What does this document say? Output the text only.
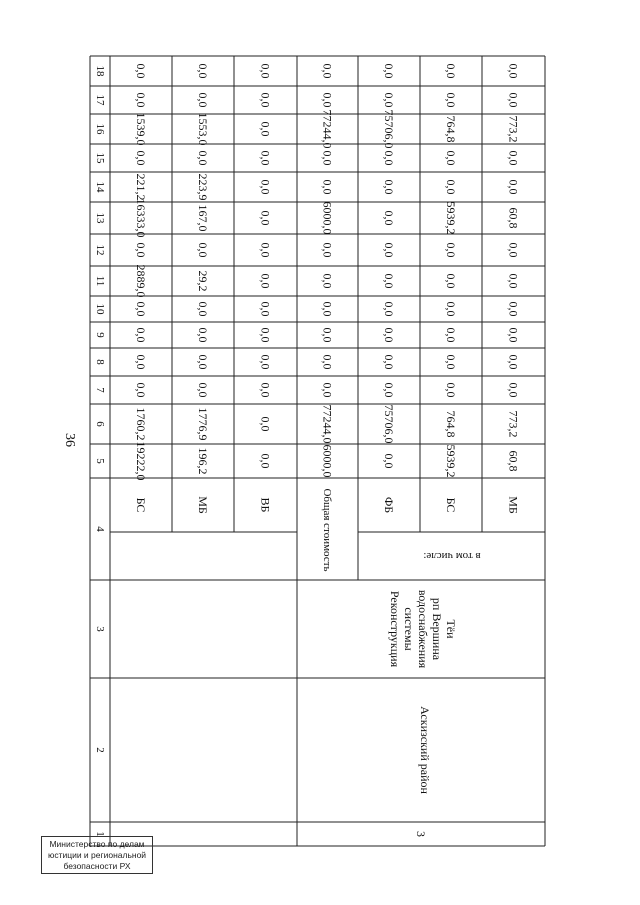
36
1
2
3
4
5
6
7
8
9
10
11
12
13
14
15
16
17
18
19222,0
1760,2
0,0
0,0
0,0
0,0
2889,0
0,0
16333,0
221,2
0,0
1539,0
0,0
0,0
БС
196,2
1776,9
0,0
0,0
0,0
0,0
29,2
0,0
167,0
223,9
0,0
1553,0
0,0
0,0
МБ
0,0
0,0
0,0
0,0
0,0
0,0
0,0
0,0
0,0
0,0
0,0
0,0
0,0
0,0
ВБ
6000,0
77244,0
0,0
0,0
0,0
0,0
0,0
0,0
6000,0
0,0
0,0
77244,0
0,0
0,0
Общая стоимость
0,0
75706,0
0,0
0,0
0,0
0,0
0,0
0,0
0,0
0,0
0,0
75706,0
0,0
0,0
ФБ
5939,2
764,8
0,0
0,0
0,0
0,0
0,0
0,0
5939,2
0,0
0,0
764,8
0,0
0,0
БС
60,8
773,2
0,0
0,0
0,0
0,0
0,0
0,0
60,8
0,0
0,0
773,2
0,0
0,0
МБ
в том числе:
Реконструкция системы водоснабжения рп Вершина Тёи
Аскизский район
3
Министерство по делам
юстиции и региональной
безопасности РХ
